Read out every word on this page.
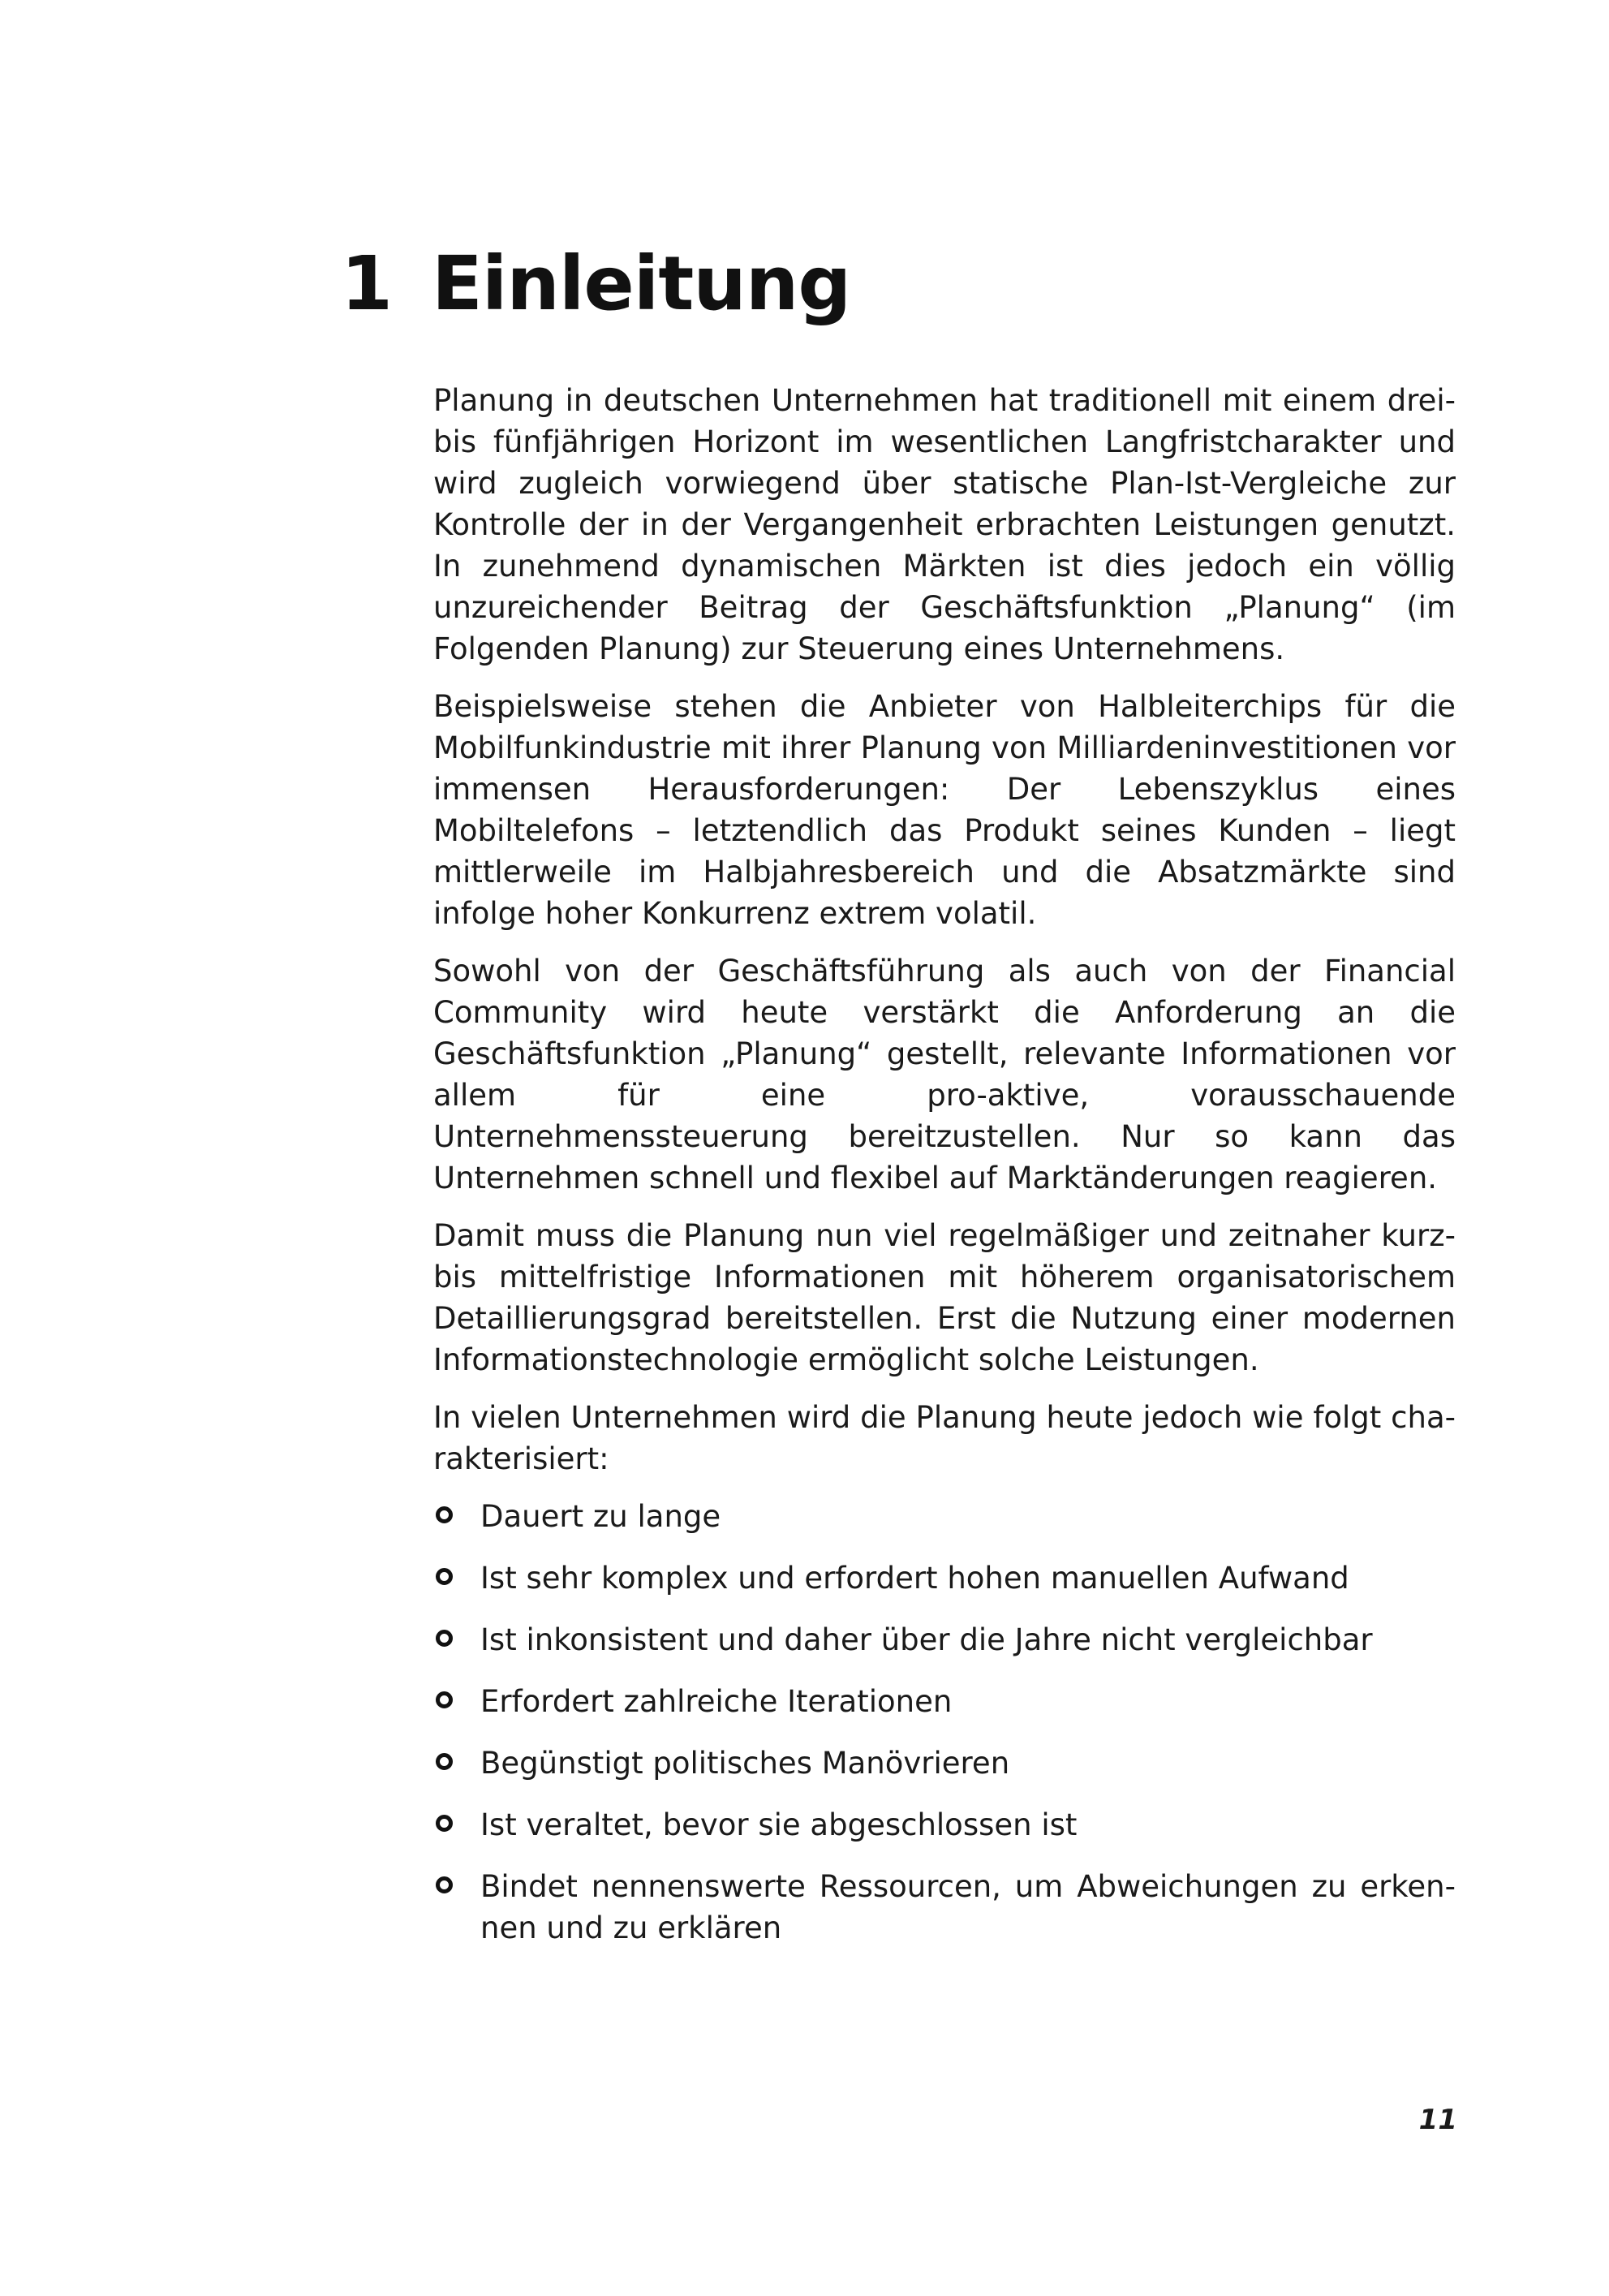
1 Einleitung

Planung in deutschen Unternehmen hat traditionell mit einem dreibis fünfjährigen Horizont im wesentlichen Langfristcharakter und wird zugleich vorwiegend über statische Plan-Ist-Vergleiche zur Kontrolle der in der Vergangenheit erbrachten Leistungen genutzt. In zunehmend dynamischen Märkten ist dies jedoch ein völlig unzureichender Beitrag der Geschäftsfunktion „Planung“ (im Folgenden Planung) zur Steuerung eines Unternehmens.

Beispielsweise stehen die Anbieter von Halbleiterchips für die Mobilfunkindustrie mit ihrer Planung von Milliardeninvestitionen vor immensen Herausforderungen: Der Lebenszyklus eines Mobiltelefons – letztendlich das Produkt seines Kunden – liegt mittlerweile im Halbjahresbereich und die Absatzmärkte sind infolge hoher Konkurrenz extrem volatil.

Sowohl von der Geschäftsführung als auch von der Financial Community wird heute verstärkt die Anforderung an die Geschäftsfunktion „Planung“ gestellt, relevante Informationen vor allem für eine pro-aktive, vorausschauende Unternehmenssteuerung bereitzustellen. Nur so kann das Unternehmen schnell und flexibel auf Marktänderungen reagieren.

Damit muss die Planung nun viel regelmäßiger und zeitnaher kurz- bis mittelfristige Informationen mit höherem organisatorischem Detaillierungsgrad bereitstellen. Erst die Nutzung einer modernen Informationstechnologie ermöglicht solche Leistungen.

In vielen Unternehmen wird die Planung heute jedoch wie folgt charakterisiert:

Dauert zu lange
Ist sehr komplex und erfordert hohen manuellen Aufwand
Ist inkonsistent und daher über die Jahre nicht vergleichbar
Erfordert zahlreiche Iterationen
Begünstigt politisches Manövrieren
Ist veraltet, bevor sie abgeschlossen ist
Bindet nennenswerte Ressourcen, um Abweichungen zu erkennen und zu erklären
11
